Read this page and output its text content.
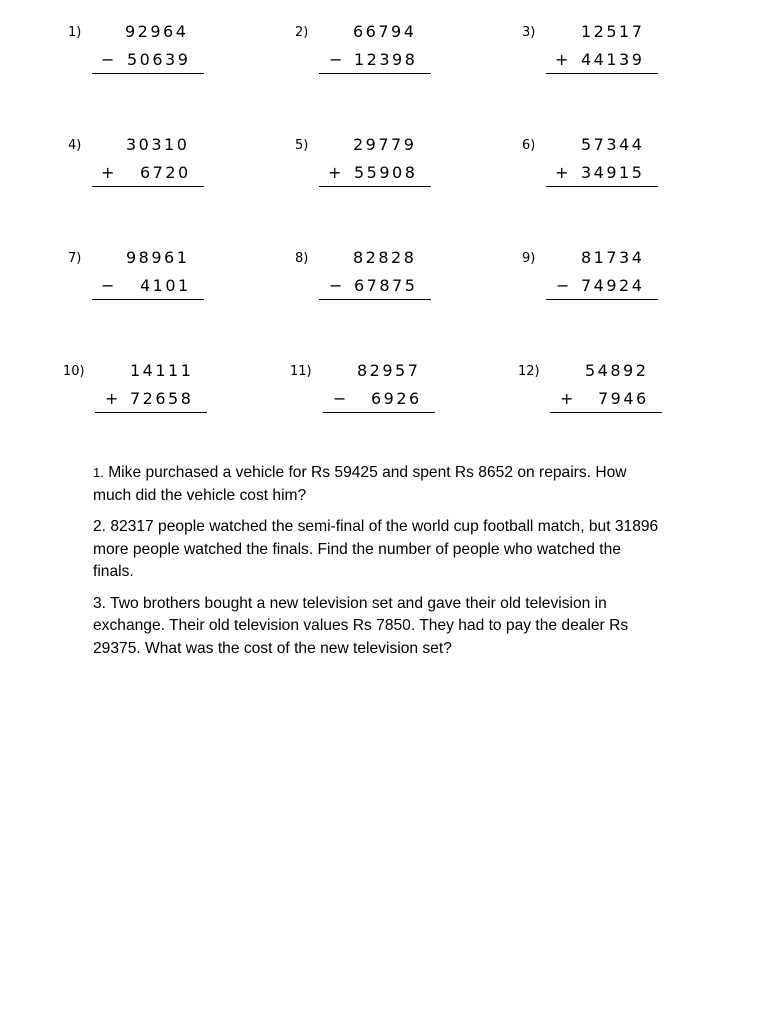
1)	92964
− 50639
2)	66794
− 12398
3)	12517
+ 44139
4)	30310
+ 6720
5)	29779
+ 55908
6)	57344
+ 34915
7)	98961
− 4101
8)	82828
− 67875
9)	81734
− 74924
10)	14111
+ 72658
11)	82957
− 6926
12)	54892
+ 7946

1. Mike purchased a vehicle for Rs 59425 and spent Rs 8652 on repairs. How much did the vehicle cost him?

2. 82317 people watched the semi-final of the world cup football match, but 31896 more people watched the finals. Find the number of people who watched the finals.

3. Two brothers bought a new television set and gave their old television in exchange. Their old television values Rs 7850. They had to pay the dealer Rs 29375. What was the cost of the new television set?
